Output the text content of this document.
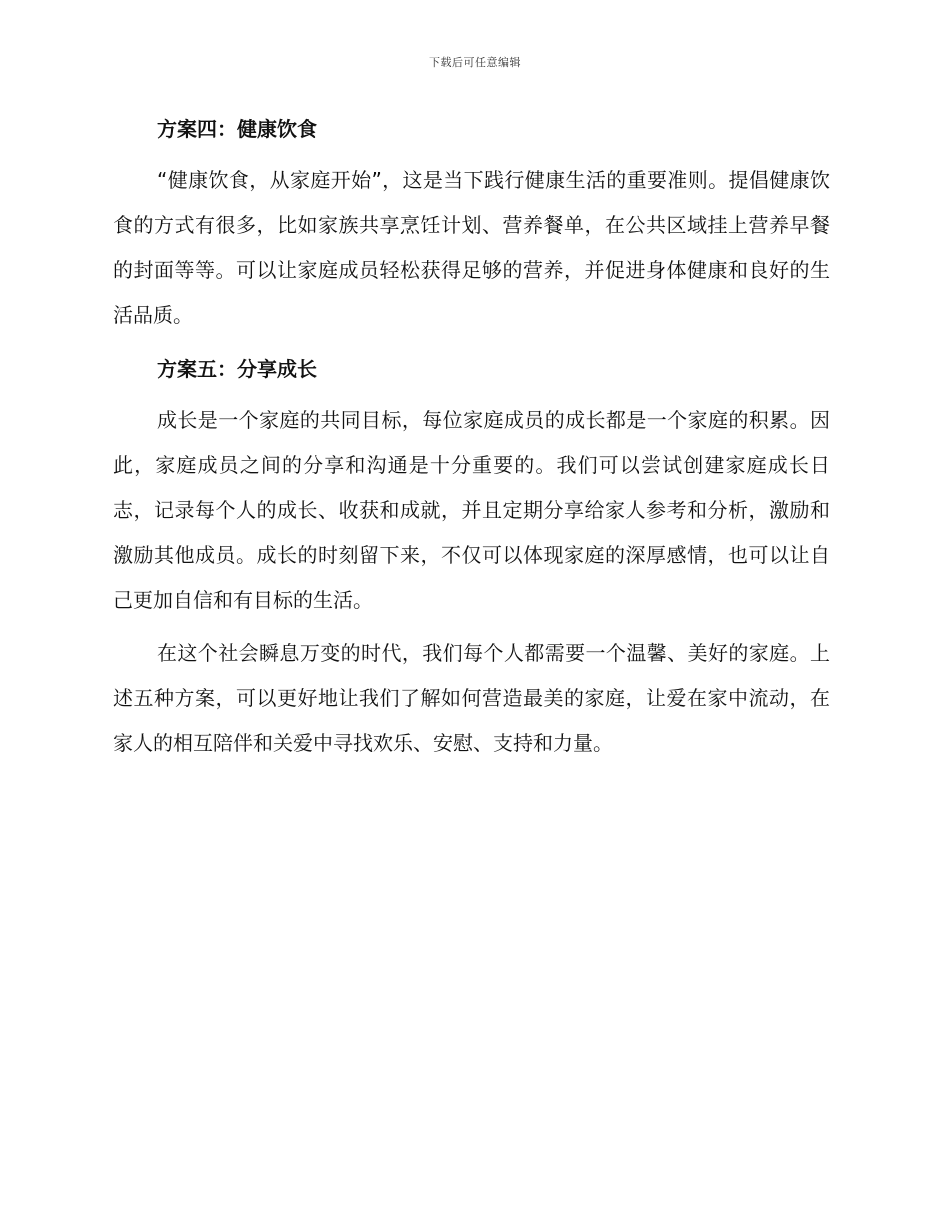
下载后可任意编辑
方案四：健康饮食

“健康饮食，从家庭开始”，这是当下践行健康生活的重要准则。提倡健康饮食的方式有很多，比如家族共享烹饪计划、营养餐单，在公共区域挂上营养早餐的封面等等。可以让家庭成员轻松获得足够的营养，并促进身体健康和良好的生活品质。

方案五：分享成长

成长是一个家庭的共同目标，每位家庭成员的成长都是一个家庭的积累。因此，家庭成员之间的分享和沟通是十分重要的。我们可以尝试创建家庭成长日志，记录每个人的成长、收获和成就，并且定期分享给家人参考和分析，激励和激励其他成员。成长的时刻留下来，不仅可以体现家庭的深厚感情，也可以让自己更加自信和有目标的生活。

在这个社会瞬息万变的时代，我们每个人都需要一个温馨、美好的家庭。上述五种方案，可以更好地让我们了解如何营造最美的家庭，让爱在家中流动，在家人的相互陪伴和关爱中寻找欢乐、安慰、支持和力量。
